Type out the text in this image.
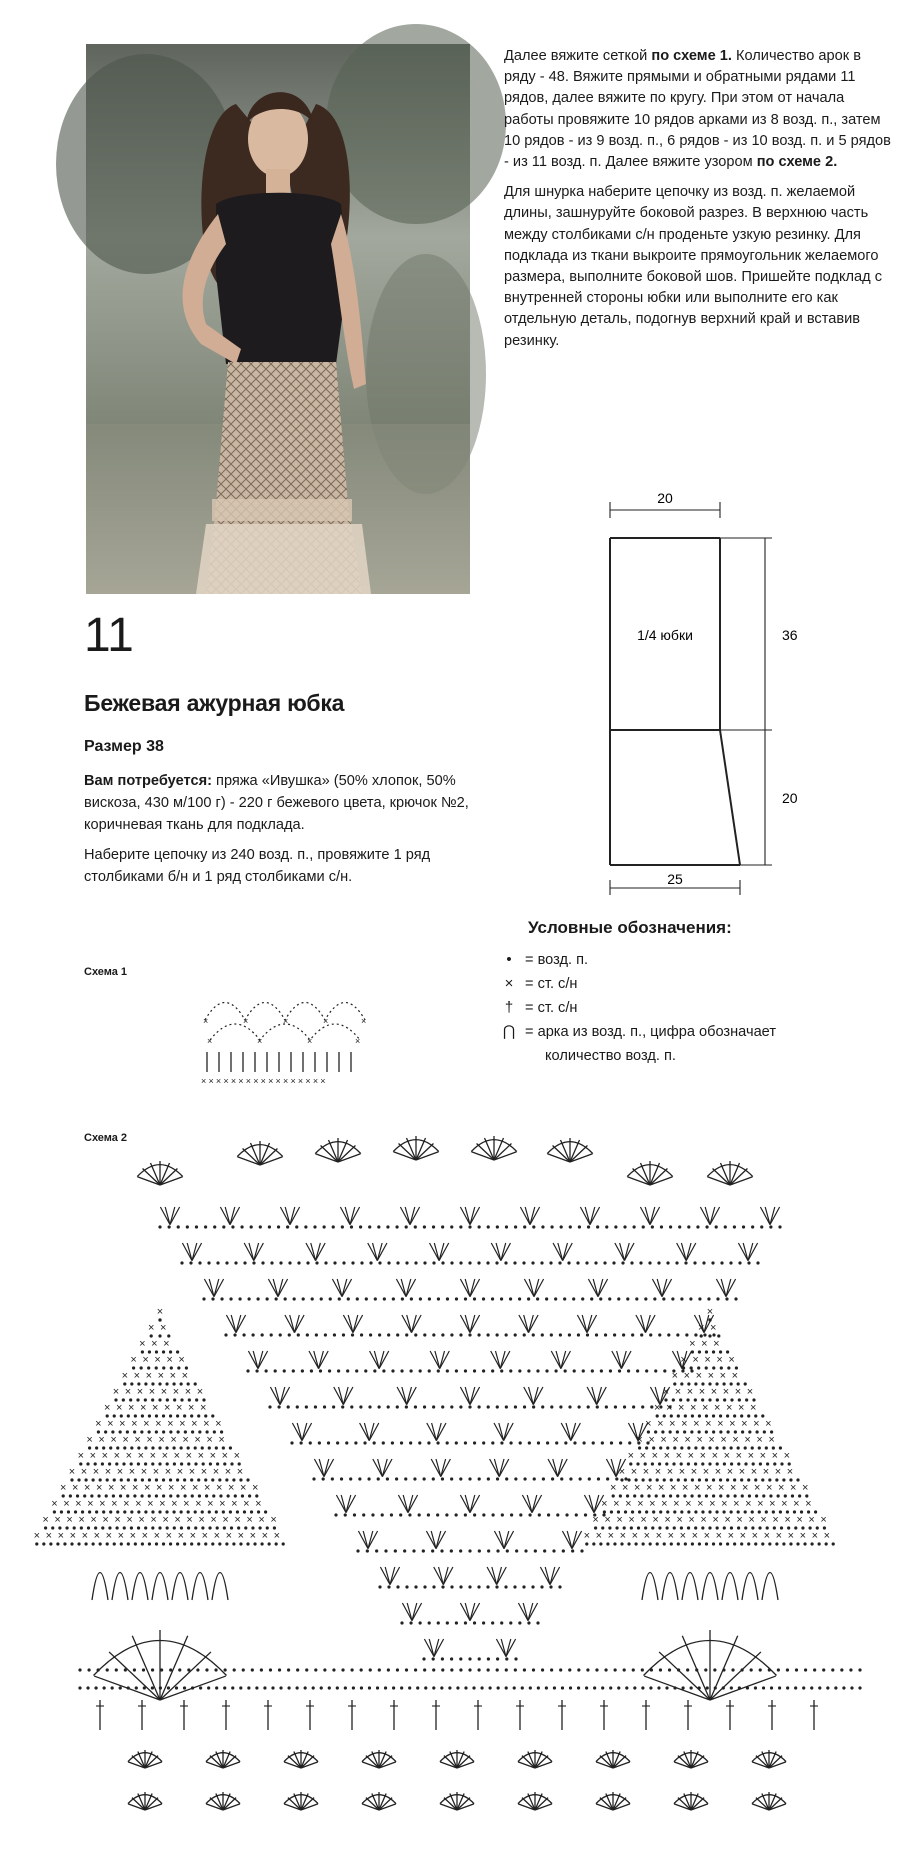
Далее вяжите сеткой по схеме 1. Количество арок в ряду - 48. Вяжите прямыми и обратными рядами 11 рядов, далее вяжите по кругу. При этом от начала работы провяжите 10 рядов арками из 8 возд. п., затем 10 рядов - из 9 возд. п., 6 рядов - из 10 возд. п. и 5 рядов - из 11 возд. п. Далее вяжите узором по схеме 2.

Для шнурка наберите цепочку из возд. п. желаемой длины, зашнуруйте боковой разрез. В верхнюю часть между столбиками с/н проденьте узкую резинку. Для подклада из ткани выкроите прямоугольник желаемого размера, выполните боковой шов. Пришейте подклад с внутренней стороны юбки или выполните его как отдельную деталь, подогнув верхний край и вставив резинку.

20
1/4 юбки	36
20
25
11
Бежевая ажурная юбка
Размер 38

Вам потребуется: пряжа «Ивушка» (50% хлопок, 50% вискоза, 430 м/100 г) - 220 г бежевого цвета, крючок №2, коричневая ткань для подклада.

Наберите цепочку из 240 возд. п., провяжите 1 ряд столбиками б/н и 1 ряд столбиками с/н.

Условные обозначения:
• = возд. п.
× = ст. с/н
† = ст. с/н
⋂ = арка из возд. п., цифра обозначает
количество возд. п.
Схема 1
×	×	×	×	×
×	×	×	×
×××××××××××××××××
Схема 2
×
× ×
× × ×
× × × × ×
× × × × × ×
× × × × × × × ×
× × × × × × × × ×
× × × × × × × × × × ×
× × × × × × × × × × × ×
× × × × × × × × × × × × × ×
× × × × × × × × × × × × × × ×
× × × × × × × × × × × × × × × × ×
× × × × × × × × × × × × × × × × × ×
× × × × × × × × × × × × × × × × × × × ×
× × × × × × × × × × × × × × × × × × × × ×
×
× ×
× × ×
× × × × ×
× × × × × ×
× × × × × × × ×
× × × × × × × × ×
× × × × × × × × × × ×
× × × × × × × × × × × ×
× × × × × × × × × × × × × ×
× × × × × × × × × × × × × × ×
× × × × × × × × × × × × × × × × ×
× × × × × × × × × × × × × × × × × ×
× × × × × × × × × × × × × × × × × × × ×
× × × × × × × × × × × × × × × × × × × × ×
